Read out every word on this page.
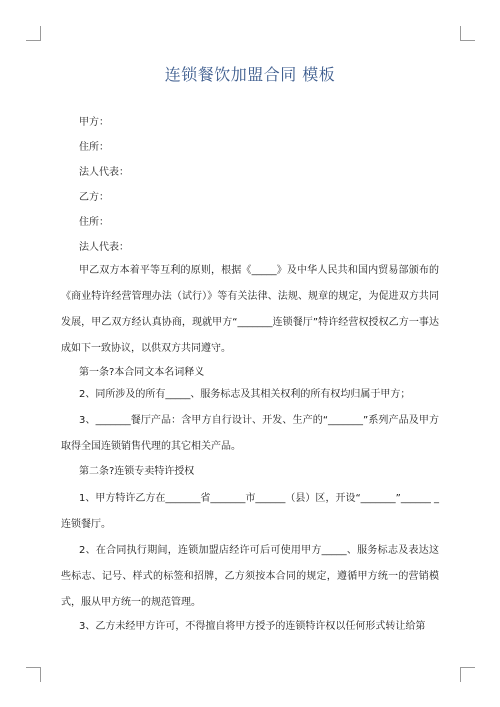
连锁餐饮加盟合同 模板
甲方：
住所：
法人代表：
乙方：
住所：
法人代表：
甲乙双方本着平等互利的原则，根据《_____》及中华人民共和国内贸易部颁布的《商业特许经营管理办法（试行）》等有关法律、法规、规章的规定，为促进双方共同发展，甲乙双方经认真协商，现就甲方“_______连锁餐厅”特许经营权授权乙方一事达成如下一致协议，以供双方共同遵守。
第一条?本合同文本名词释义
2、同所涉及的所有_____、服务标志及其相关权利的所有权均归属于甲方；
3、_______餐厅产品：含甲方自行设计、开发、生产的“_______”系列产品及甲方取得全国连锁销售代理的其它相关产品。
第二条?连锁专卖特许授权
1、甲方特许乙方在_______省_______市______（县）区，开设“_______”______ _连锁餐厅。
2、在合同执行期间，连锁加盟店经许可后可使用甲方_____、服务标志及表达这些标志、记号、样式的标签和招牌，乙方须按本合同的规定，遵循甲方统一的营销模式，服从甲方统一的规范管理。
3、乙方未经甲方许可，不得擅自将甲方授予的连锁特许权以任何形式转让给第
